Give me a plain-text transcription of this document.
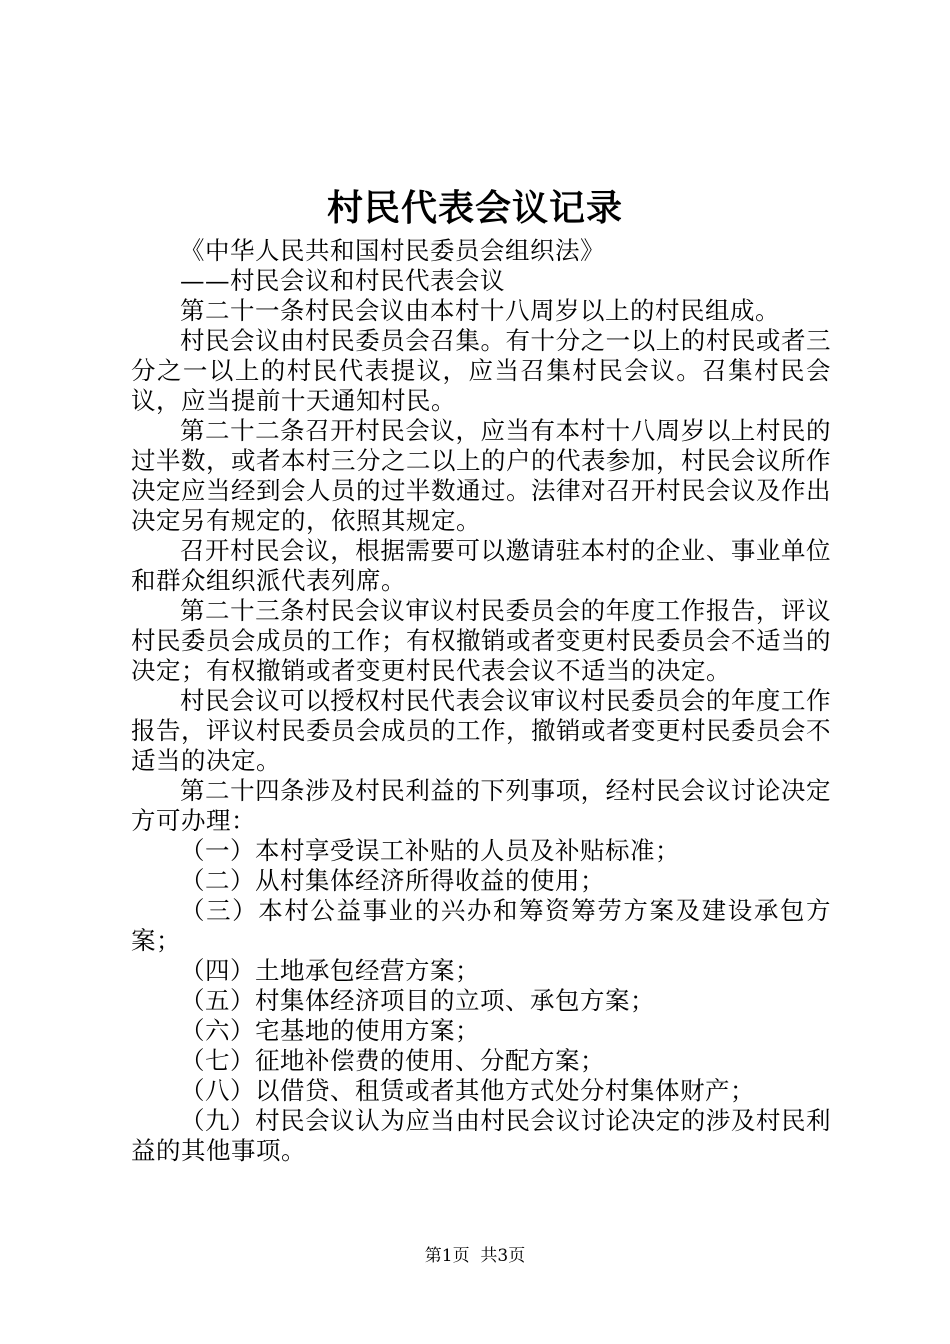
村民代表会议记录

《中华人民共和国村民委员会组织法》

——村民会议和村民代表会议

第二十一条村民会议由本村十八周岁以上的村民组成。

村民会议由村民委员会召集。有十分之一以上的村民或者三分之一以上的村民代表提议，应当召集村民会议。召集村民会议，应当提前十天通知村民。

第二十二条召开村民会议，应当有本村十八周岁以上村民的过半数，或者本村三分之二以上的户的代表参加，村民会议所作决定应当经到会人员的过半数通过。法律对召开村民会议及作出决定另有规定的，依照其规定。

召开村民会议，根据需要可以邀请驻本村的企业、事业单位和群众组织派代表列席。

第二十三条村民会议审议村民委员会的年度工作报告，评议村民委员会成员的工作；有权撤销或者变更村民委员会不适当的决定；有权撤销或者变更村民代表会议不适当的决定。

村民会议可以授权村民代表会议审议村民委员会的年度工作报告，评议村民委员会成员的工作，撤销或者变更村民委员会不适当的决定。

第二十四条涉及村民利益的下列事项，经村民会议讨论决定方可办理：

（一）本村享受误工补贴的人员及补贴标准；

（二）从村集体经济所得收益的使用；

（三）本村公益事业的兴办和筹资筹劳方案及建设承包方案；

（四）土地承包经营方案；

（五）村集体经济项目的立项、承包方案；

（六）宅基地的使用方案；

（七）征地补偿费的使用、分配方案；

（八）以借贷、租赁或者其他方式处分村集体财产；

（九）村民会议认为应当由村民会议讨论决定的涉及村民利益的其他事项。

第1页 共3页
